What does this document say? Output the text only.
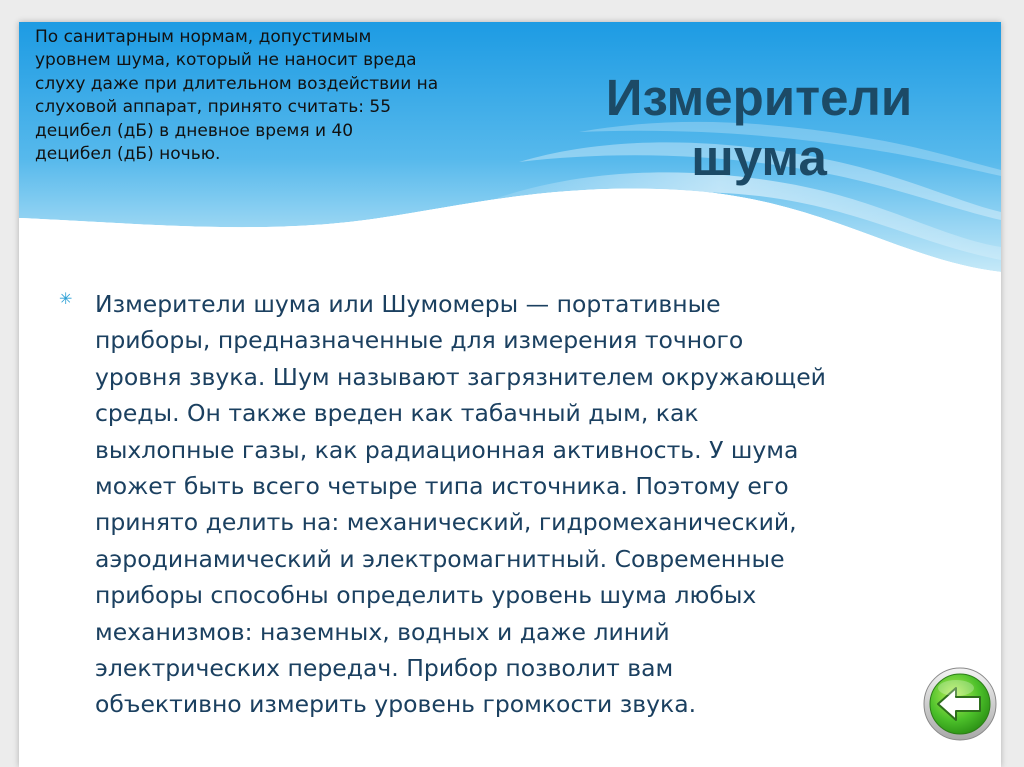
По санитарным нормам, допустимым
уровнем шума, который не наносит вреда
слуху даже при длительном воздействии на
слуховой аппарат, принято считать: 55
децибел (дБ) в дневное время и 40
децибел (дБ) ночью.
Измерители
шума
✳ Измерители шума или Шумомеры — портативные
приборы, предназначенные для измерения точного
уровня звука. Шум называют загрязнителем окружающей
среды. Он также вреден как табачный дым, как
выхлопные газы, как радиационная активность. У шума
может быть всего четыре типа источника. Поэтому его
принято делить на: механический, гидромеханический,
аэродинамический и электромагнитный. Современные
приборы способны определить уровень шума любых
механизмов: наземных, водных и даже линий
электрических передач. Прибор позволит вам
объективно измерить уровень громкости звука.
